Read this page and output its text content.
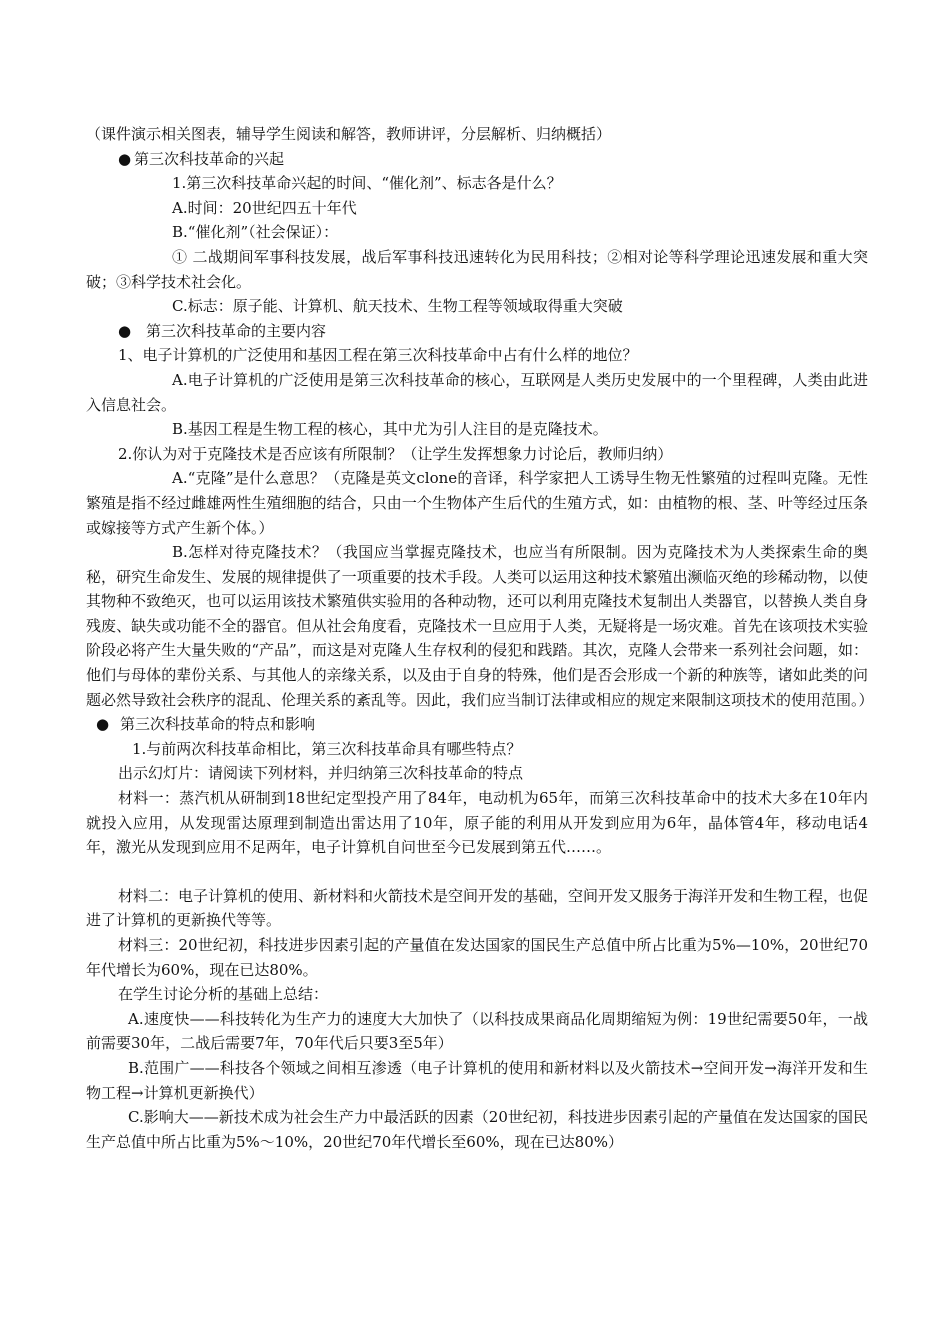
（课件演示相关图表，辅导学生阅读和解答，教师讲评，分层解析、归纳概括）

● 第三次科技革命的兴起

1.第三次科技革命兴起的时间、“催化剂”、标志各是什么？

A.时间：20世纪四五十年代

B.“催化剂”（社会保证）：

① 二战期间军事科技发展，战后军事科技迅速转化为民用科技；②相对论等科学理论迅速发展和重大突破；③科学技术社会化。

C.标志：原子能、计算机、航天技术、生物工程等领域取得重大突破

● 第三次科技革命的主要内容

1、电子计算机的广泛使用和基因工程在第三次科技革命中占有什么样的地位？

A.电子计算机的广泛使用是第三次科技革命的核心，互联网是人类历史发展中的一个里程碑，人类由此进入信息社会。

B.基因工程是生物工程的核心，其中尤为引人注目的是克隆技术。

2.你认为对于克隆技术是否应该有所限制？（让学生发挥想象力讨论后，教师归纳）

A.“克隆”是什么意思？（克隆是英文clone的音译，科学家把人工诱导生物无性繁殖的过程叫克隆。无性繁殖是指不经过雌雄两性生殖细胞的结合，只由一个生物体产生后代的生殖方式，如：由植物的根、茎、叶等经过压条或嫁接等方式产生新个体。）

B.怎样对待克隆技术？（我国应当掌握克隆技术，也应当有所限制。因为克隆技术为人类探索生命的奥秘，研究生命发生、发展的规律提供了一项重要的技术手段。人类可以运用这种技术繁殖出濒临灭绝的珍稀动物，以使其物种不致绝灭，也可以运用该技术繁殖供实验用的各种动物，还可以利用克隆技术复制出人类器官，以替换人类自身残废、缺失或功能不全的器官。但从社会角度看，克隆技术一旦应用于人类，无疑将是一场灾难。首先在该项技术实验阶段必将产生大量失败的“产品”，而这是对克隆人生存权利的侵犯和践踏。其次，克隆人会带来一系列社会问题，如：他们与母体的辈份关系、与其他人的亲缘关系，以及由于自身的特殊，他们是否会形成一个新的种族等，诸如此类的问题必然导致社会秩序的混乱、伦理关系的紊乱等。因此，我们应当制订法律或相应的规定来限制这项技术的使用范围。）

● 第三次科技革命的特点和影响

1.与前两次科技革命相比，第三次科技革命具有哪些特点？

出示幻灯片：请阅读下列材料，并归纳第三次科技革命的特点

材料一：蒸汽机从研制到18世纪定型投产用了84年，电动机为65年，而第三次科技革命中的技术大多在10年内就投入应用，从发现雷达原理到制造出雷达用了10年，原子能的利用从开发到应用为6年，晶体管4年，移动电话4年，激光从发现到应用不足两年，电子计算机自问世至今已发展到第五代……。

材料二：电子计算机的使用、新材料和火箭技术是空间开发的基础，空间开发又服务于海洋开发和生物工程，也促进了计算机的更新换代等等。

材料三：20世纪初，科技进步因素引起的产量值在发达国家的国民生产总值中所占比重为5%—10%，20世纪70年代增长为60%，现在已达80%。

在学生讨论分析的基础上总结：

A.速度快——科技转化为生产力的速度大大加快了（以科技成果商品化周期缩短为例：19世纪需要50年，一战前需要30年，二战后需要7年，70年代后只要3至5年）

B.范围广——科技各个领域之间相互渗透（电子计算机的使用和新材料以及火箭技术→空间开发→海洋开发和生物工程→计算机更新换代）

C.影响大——新技术成为社会生产力中最活跃的因素（20世纪初，科技进步因素引起的产量值在发达国家的国民生产总值中所占比重为5%～10%，20世纪70年代增长至60%，现在已达80%）
